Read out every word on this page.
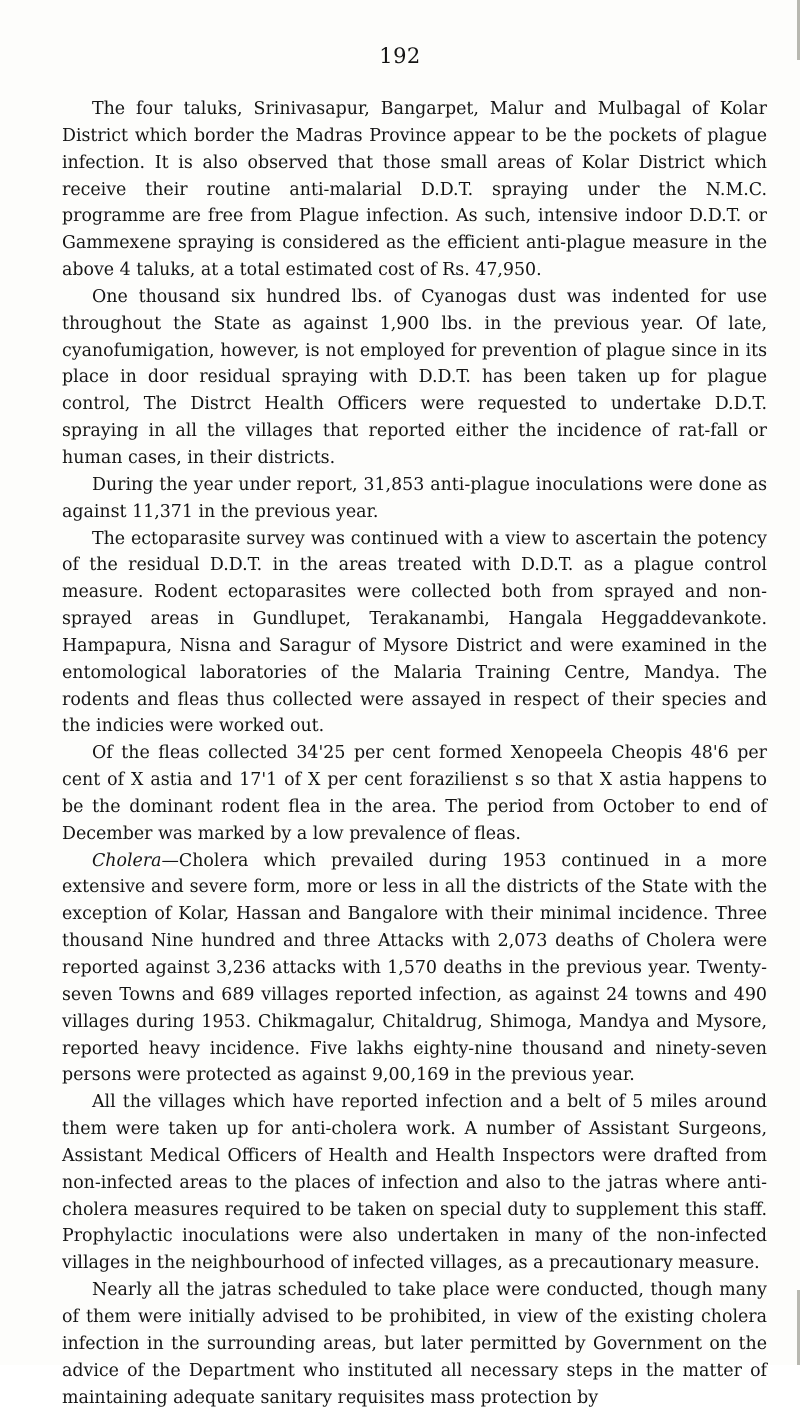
192

The four taluks, Srinivasapur, Bangarpet, Malur and Mulbagal of Kolar District which border the Madras Province appear to be the pockets of plague infection. It is also observed that those small areas of Kolar District which receive their routine anti-malarial D.D.T. spraying under the N.M.C. programme are free from Plague infection. As such, intensive indoor D.D.T. or Gammexene spraying is considered as the efficient anti-plague measure in the above 4 taluks, at a total estimated cost of Rs. 47,950.

One thousand six hundred lbs. of Cyanogas dust was indented for use throughout the State as against 1,900 lbs. in the previous year. Of late, cyanofumigation, however, is not employed for prevention of plague since in its place in door residual spraying with D.D.T. has been taken up for plague control, The Distrct Health Officers were requested to undertake D.D.T. spraying in all the villages that reported either the incidence of rat-fall or human cases, in their districts.

During the year under report, 31,853 anti-plague inoculations were done as against 11,371 in the previous year.

The ectoparasite survey was continued with a view to ascertain the potency of the residual D.D.T. in the areas treated with D.D.T. as a plague control measure. Rodent ectoparasites were collected both from sprayed and non-sprayed areas in Gundlupet, Terakanambi, Hangala Heggaddevankote. Hampapura, Nisna and Saragur of Mysore District and were examined in the entomological laboratories of the Malaria Training Centre, Mandya. The rodents and fleas thus collected were assayed in respect of their species and the indicies were worked out.

Of the fleas collected 34'25 per cent formed Xenopeela Cheopis 48'6 per cent of X astia and 17'1 of X per cent forazilienst s so that X astia happens to be the dominant rodent flea in the area. The period from October to end of December was marked by a low prevalence of fleas.

Cholera—Cholera which prevailed during 1953 continued in a more extensive and severe form, more or less in all the districts of the State with the exception of Kolar, Hassan and Bangalore with their minimal incidence. Three thousand Nine hundred and three Attacks with 2,073 deaths of Cholera were reported against 3,236 attacks with 1,570 deaths in the previous year. Twenty-seven Towns and 689 villages reported infection, as against 24 towns and 490 villages during 1953. Chikmagalur, Chitaldrug, Shimoga, Mandya and Mysore, reported heavy incidence. Five lakhs eighty-nine thousand and ninety-seven persons were protected as against 9,00,169 in the previous year.

All the villages which have reported infection and a belt of 5 miles around them were taken up for anti-cholera work. A number of Assistant Surgeons, Assistant Medical Officers of Health and Health Inspectors were drafted from non-infected areas to the places of infection and also to the jatras where anti-cholera measures required to be taken on special duty to supplement this staff. Prophylactic inoculations were also undertaken in many of the non-infected villages in the neighbourhood of infected villages, as a precautionary measure.

Nearly all the jatras scheduled to take place were conducted, though many of them were initially advised to be prohibited, in view of the existing cholera infection in the surrounding areas, but later permitted by Government on the advice of the Department who instituted all necessary steps in the matter of maintaining adequate sanitary requisites mass protection by
